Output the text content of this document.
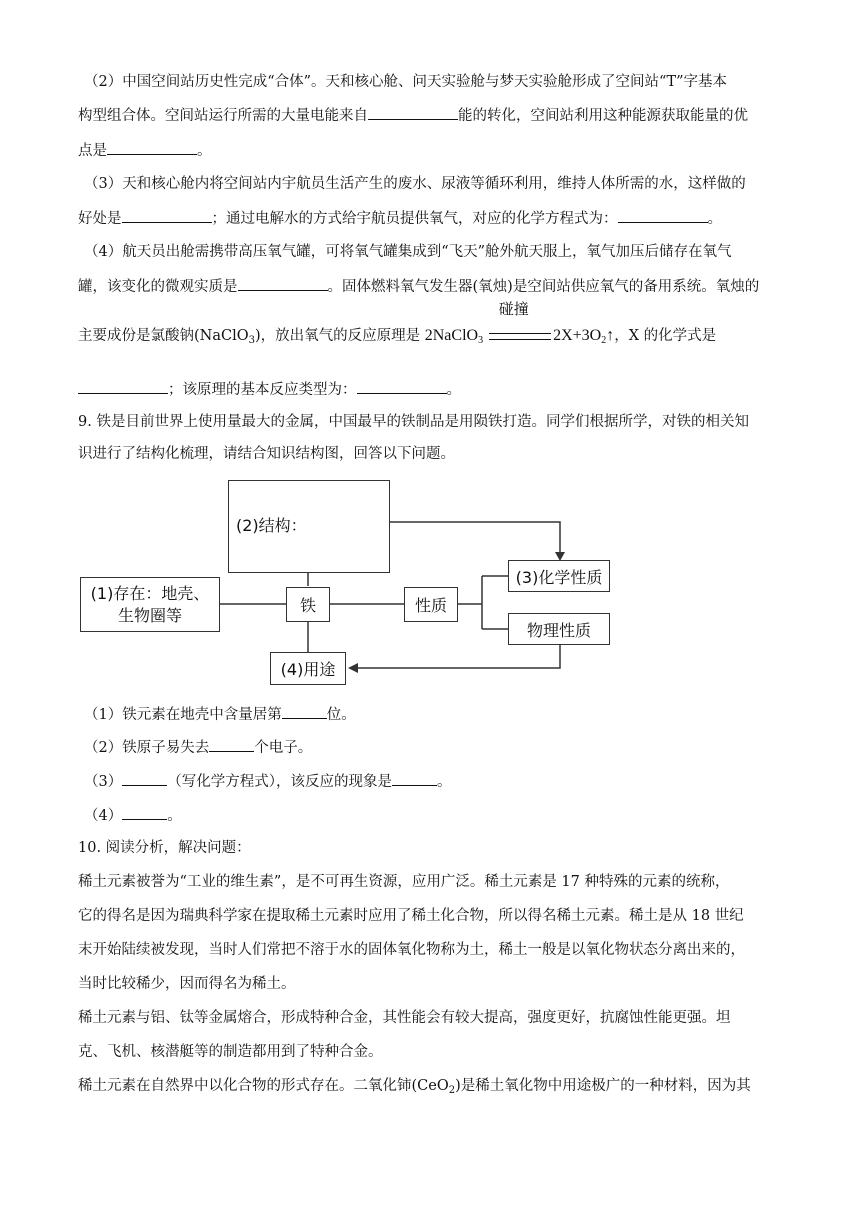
（2）中国空间站历史性完成“合体”。天和核心舱、问天实验舱与梦天实验舱形成了空间站“T”字基本
构型组合体。空间站运行所需的大量电能来自	能的转化，空间站利用这种能源获取能量的优
点是	。
（3）天和核心舱内将空间站内宇航员生活产生的废水、尿液等循环利用，维持人体所需的水，这样做的
好处是	；通过电解水的方式给宇航员提供氧气，对应的化学方程式为：	。
（4）航天员出舱需携带高压氧气罐，可将氧气罐集成到“飞天”舱外航天服上，氧气加压后储存在氧气
罐，该变化的微观实质是	。固体燃料氧气发生器(氧烛)是空间站供应氧气的备用系统。氧烛的
主要成份是氯酸钠(NaClO$_3$)，放出氧气的反应原理是 2NaClO$_3$
碰撞
$2X+3O_2↑$，X 的化学式是
；该原理的基本反应类型为：	。
9. 铁是目前世界上使用量最大的金属，中国最早的铁制品是用陨铁打造。同学们根据所学，对铁的相关知
识进行了结构化梳理，请结合知识结构图，回答以下问题。
(2)结构：
(1)存在：地壳、
生物圈等	铁	性质
(3)化学性质
物理性质
(4)用途
（1）铁元素在地壳中含量居第	位。
（2）铁原子易失去	个电子。
（3）	（写化学方程式），该反应的现象是	。
（4）	。
10. 阅读分析，解决问题：
稀土元素被誉为“工业的维生素”，是不可再生资源，应用广泛。稀土元素是 17 种特殊的元素的统称，
它的得名是因为瑞典科学家在提取稀土元素时应用了稀土化合物，所以得名稀土元素。稀土是从 18 世纪
末开始陆续被发现，当时人们常把不溶于水的固体氧化物称为土，稀土一般是以氧化物状态分离出来的，
当时比较稀少，因而得名为稀土。
稀土元素与铝、钛等金属熔合，形成特种合金，其性能会有较大提高，强度更好，抗腐蚀性能更强。坦
克、飞机、核潜艇等的制造都用到了特种合金。
稀土元素在自然界中以化合物的形式存在。二氧化铈(CeO$_2$)是稀土氧化物中用途极广的一种材料，因为其
